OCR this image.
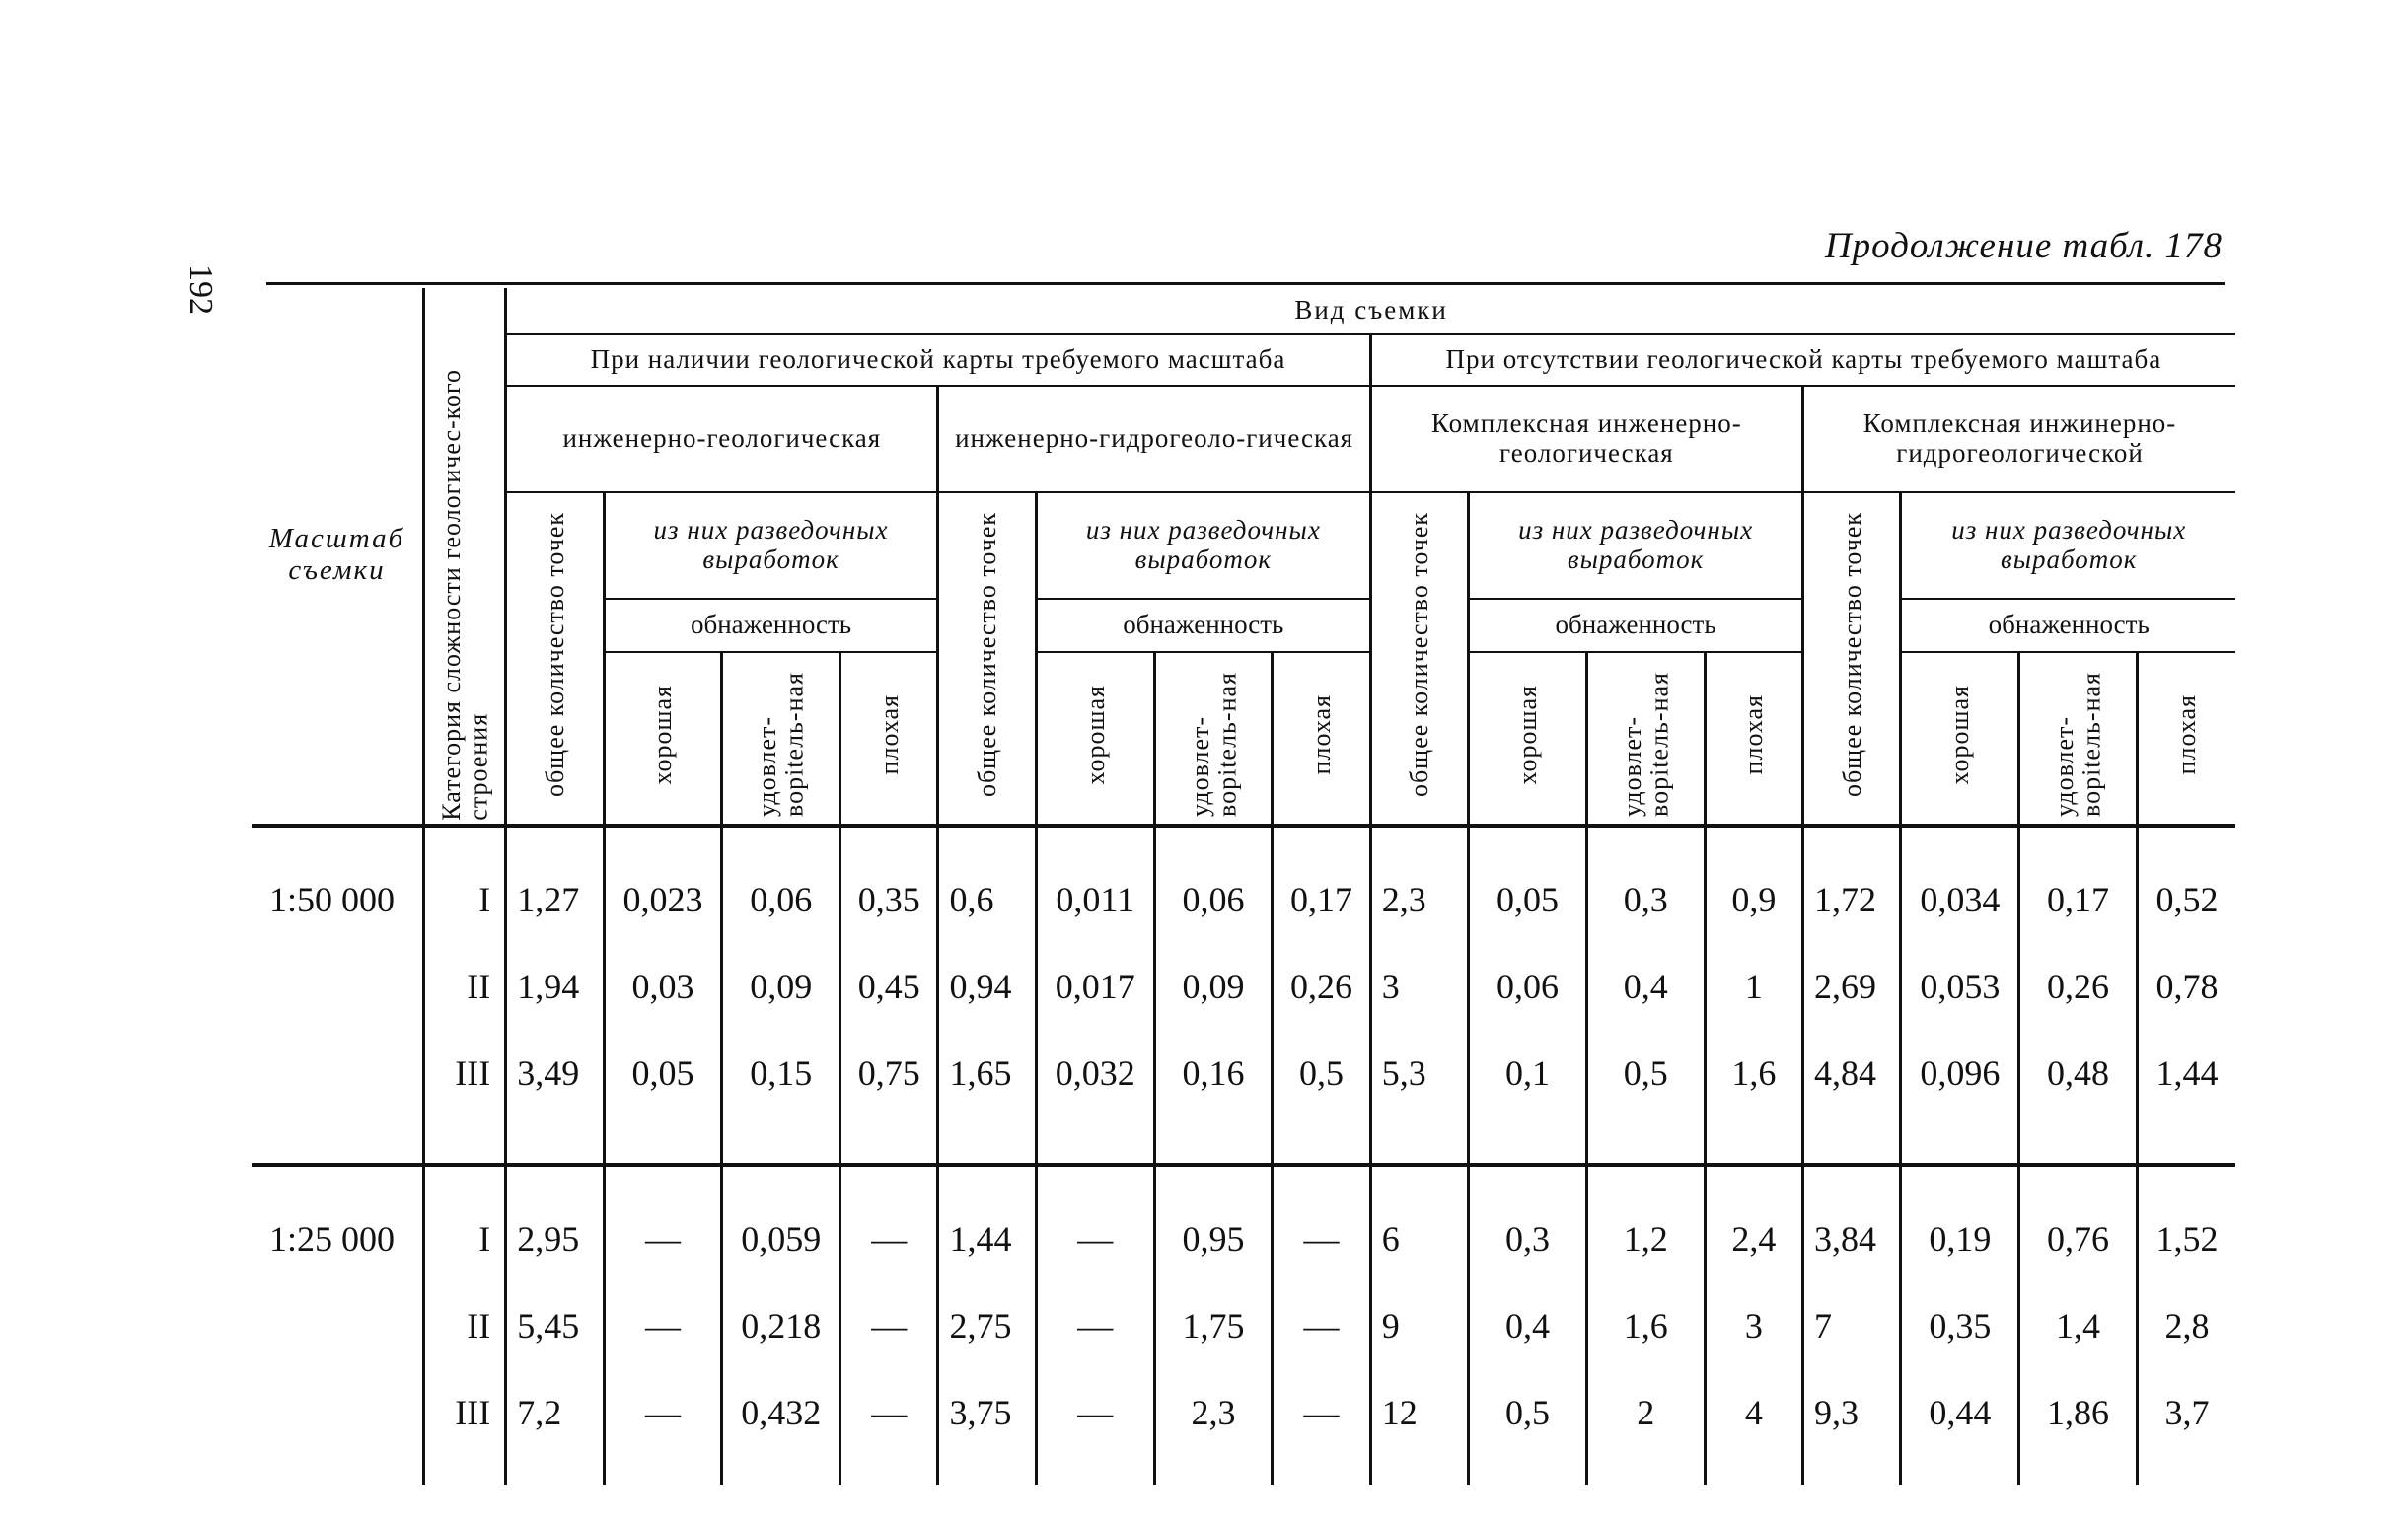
Продолжение табл. 178
192
Масштаб съемки	Категория сложности геологичес-кого строения	Вид съемки															
		При наличии геологической карты требуемого масштаба								При отсутствии геологической карты требуемого маштаба							
		инженерно-геологическая				инженерно-гидрогеоло-гическая				Комплексная инженерно-геологическая				Комплексная инжинерно-гидрогеологической			
		общее количество точек	из них разведочных выработок			общее количество точек	из них разведочных выработок			общее количество точек	из них разведочных выработок			общее количество точек	из них разведочных выработок		
			обнаженность				обнаженность				обнаженность				обнаженность		
			хорошая	удовлет-ворitель-ная	плохая		хорошая	удовлет-ворitель-ная	плохая		хорошая	удовлет-ворitель-ная	плохая		хорошая	удовлет-ворitель-ная	плохая

1:50 000	I	1,27	0,023	0,06	0,35	0,6	0,011	0,06	0,17	2,3	0,05	0,3	0,9	1,72	0,034	0,17	0,52
	II	1,94	0,03	0,09	0,45	0,94	0,017	0,09	0,26	3	0,06	0,4	1	2,69	0,053	0,26	0,78
	III	3,49	0,05	0,15	0,75	1,65	0,032	0,16	0,5	5,3	0,1	0,5	1,6	4,84	0,096	0,48	1,44

1:25 000	I	2,95	—	0,059	—	1,44	—	0,95	—	6	0,3	1,2	2,4	3,84	0,19	0,76	1,52
	II	5,45	—	0,218	—	2,75	—	1,75	—	9	0,4	1,6	3	7	0,35	1,4	2,8
	III	7,2	—	0,432	—	3,75	—	2,3	—	12	0,5	2	4	9,3	0,44	1,86	3,7
